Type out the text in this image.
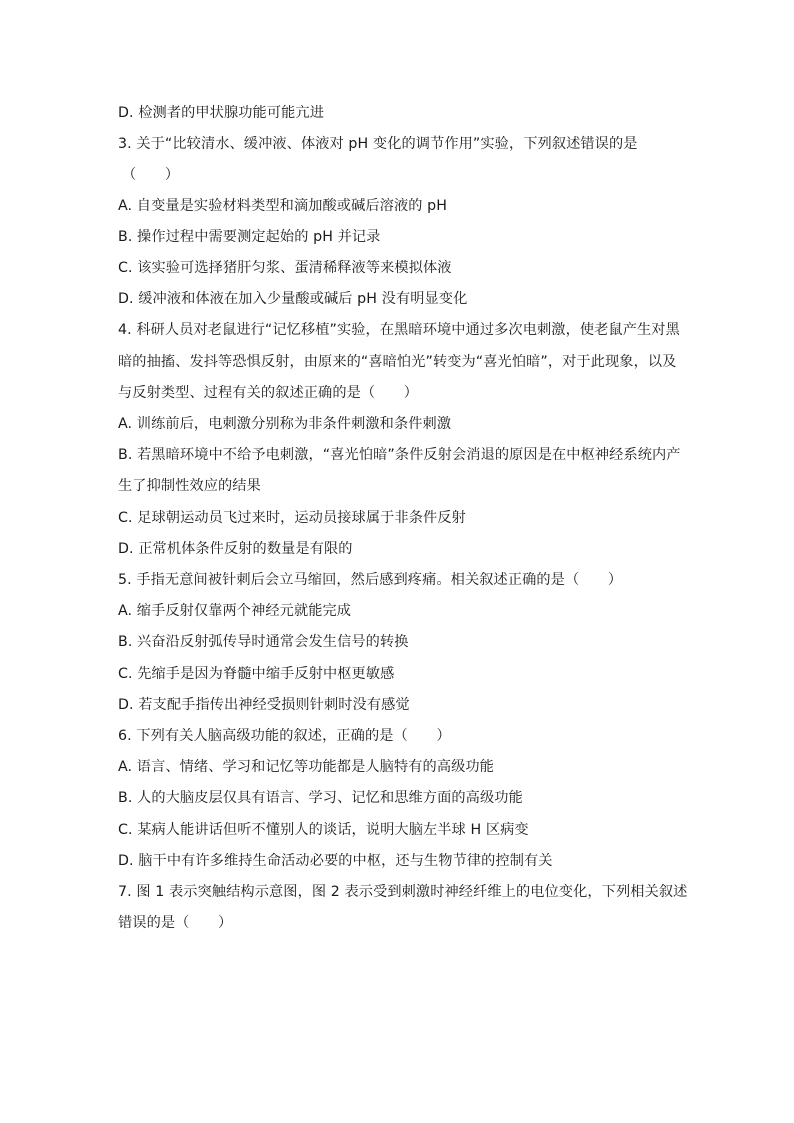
D. 检测者的甲状腺功能可能亢进
3. 关于“比较清水、缓冲液、体液对 pH 变化的调节作用”实验，下列叙述错误的是
（　　）
A. 自变量是实验材料类型和滴加酸或碱后溶液的 pH
B. 操作过程中需要测定起始的 pH 并记录
C. 该实验可选择猪肝匀浆、蛋清稀释液等来模拟体液
D. 缓冲液和体液在加入少量酸或碱后 pH 没有明显变化
4. 科研人员对老鼠进行“记忆移植”实验，在黑暗环境中通过多次电刺激，使老鼠产生对黑
暗的抽搐、发抖等恐惧反射，由原来的“喜暗怕光”转变为“喜光怕暗”，对于此现象，以及
与反射类型、过程有关的叙述正确的是（　　）
A. 训练前后，电刺激分别称为非条件刺激和条件刺激
B. 若黑暗环境中不给予电刺激，“喜光怕暗”条件反射会消退的原因是在中枢神经系统内产
生了抑制性效应的结果
C. 足球朝运动员飞过来时，运动员接球属于非条件反射
D. 正常机体条件反射的数量是有限的
5. 手指无意间被针刺后会立马缩回，然后感到疼痛。相关叙述正确的是（　　）
A. 缩手反射仅靠两个神经元就能完成
B. 兴奋沿反射弧传导时通常会发生信号的转换
C. 先缩手是因为脊髓中缩手反射中枢更敏感
D. 若支配手指传出神经受损则针刺时没有感觉
6. 下列有关人脑高级功能的叙述，正确的是（　　）
A. 语言、情绪、学习和记忆等功能都是人脑特有的高级功能
B. 人的大脑皮层仅具有语言、学习、记忆和思维方面的高级功能
C. 某病人能讲话但听不懂别人的谈话，说明大脑左半球 H 区病变
D. 脑干中有许多维持生命活动必要的中枢，还与生物节律的控制有关
7. 图 1 表示突触结构示意图，图 2 表示受到刺激时神经纤维上的电位变化，下列相关叙述
错误的是（　　）
